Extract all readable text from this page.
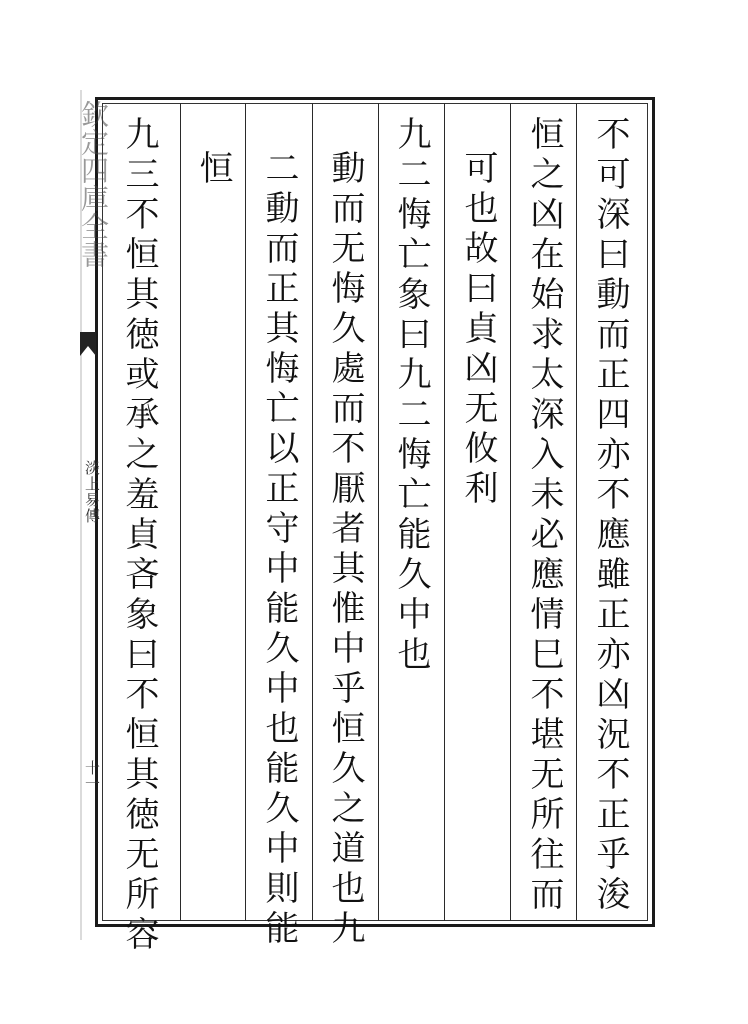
不可深曰動而正四亦不應雖正亦凶況不正乎浚
恒之凶在始求太深入未必應情巳不堪无所往而
可也故曰貞凶无攸利
九二悔亡象曰九二悔亡能久中也
動而无悔久處而不厭者其惟中乎恒久之道也九
二動而正其悔亡以正守中能久中也能久中則能
恒
九三不恒其徳或承之羞貞吝象曰不恒其徳无所容
欽定四庫全書
淡上易傳
十一
